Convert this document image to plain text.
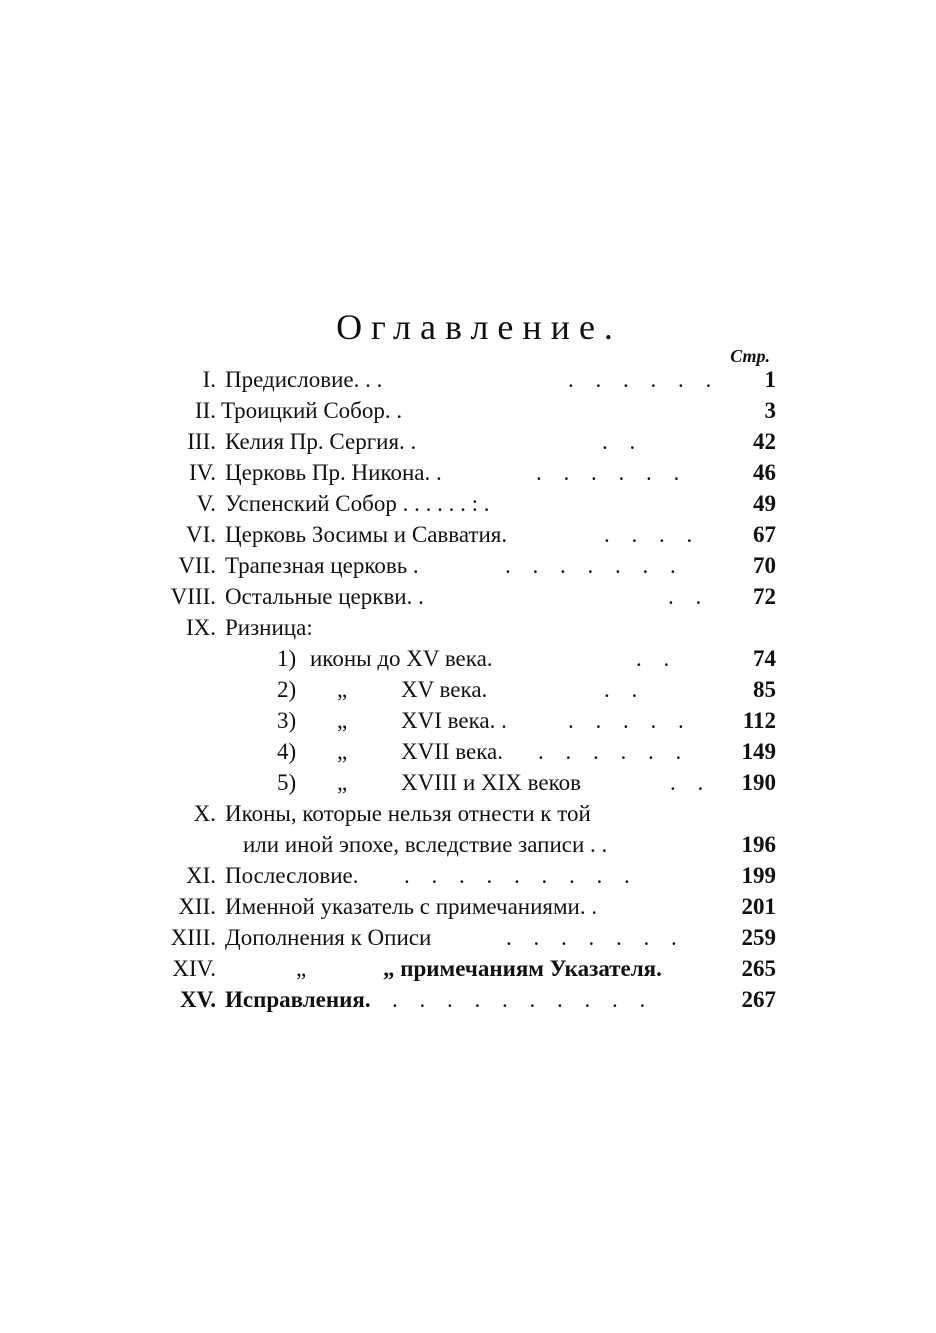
Оглавление.
Стр.
I. Предисловие. . .	. . . . . . 1
II. Троицкий Собор. .	3
III. Келия Пр. Сергия. .	. .	42
IV. Церковь Пр. Никона. .	. . . . . .	46
V. Успенский Собор . . . . . . : .	49
VI. Церковь Зосимы и Савватия.	. . . . 67
VII. Трапезная церковь .	. . . . . . .	70
VIII. Остальные церкви. .	. . 72
IX. Ризница:
1) иконы до XV века.	. .	74
2) „ XV века.	. .	85
3) „ XVI века. .	. . . . . 112
4) „ XVII века. . . . . . . 149
5) „ XVIII и XIX веков	. . 190
X. Иконы, которые нельзя отнести к той
или иной эпохе, вследствие записи . .	196
XI. Послесловие. . . . . . . . . .	199
XII. Именной указатель с примечаниями. .	201
XIII. Дополнения к Описи	. . . . . . . 259
XIV.	„	„ примечаниям Указателя.	265
XV. Исправления. . . . . . . . . . .	267
